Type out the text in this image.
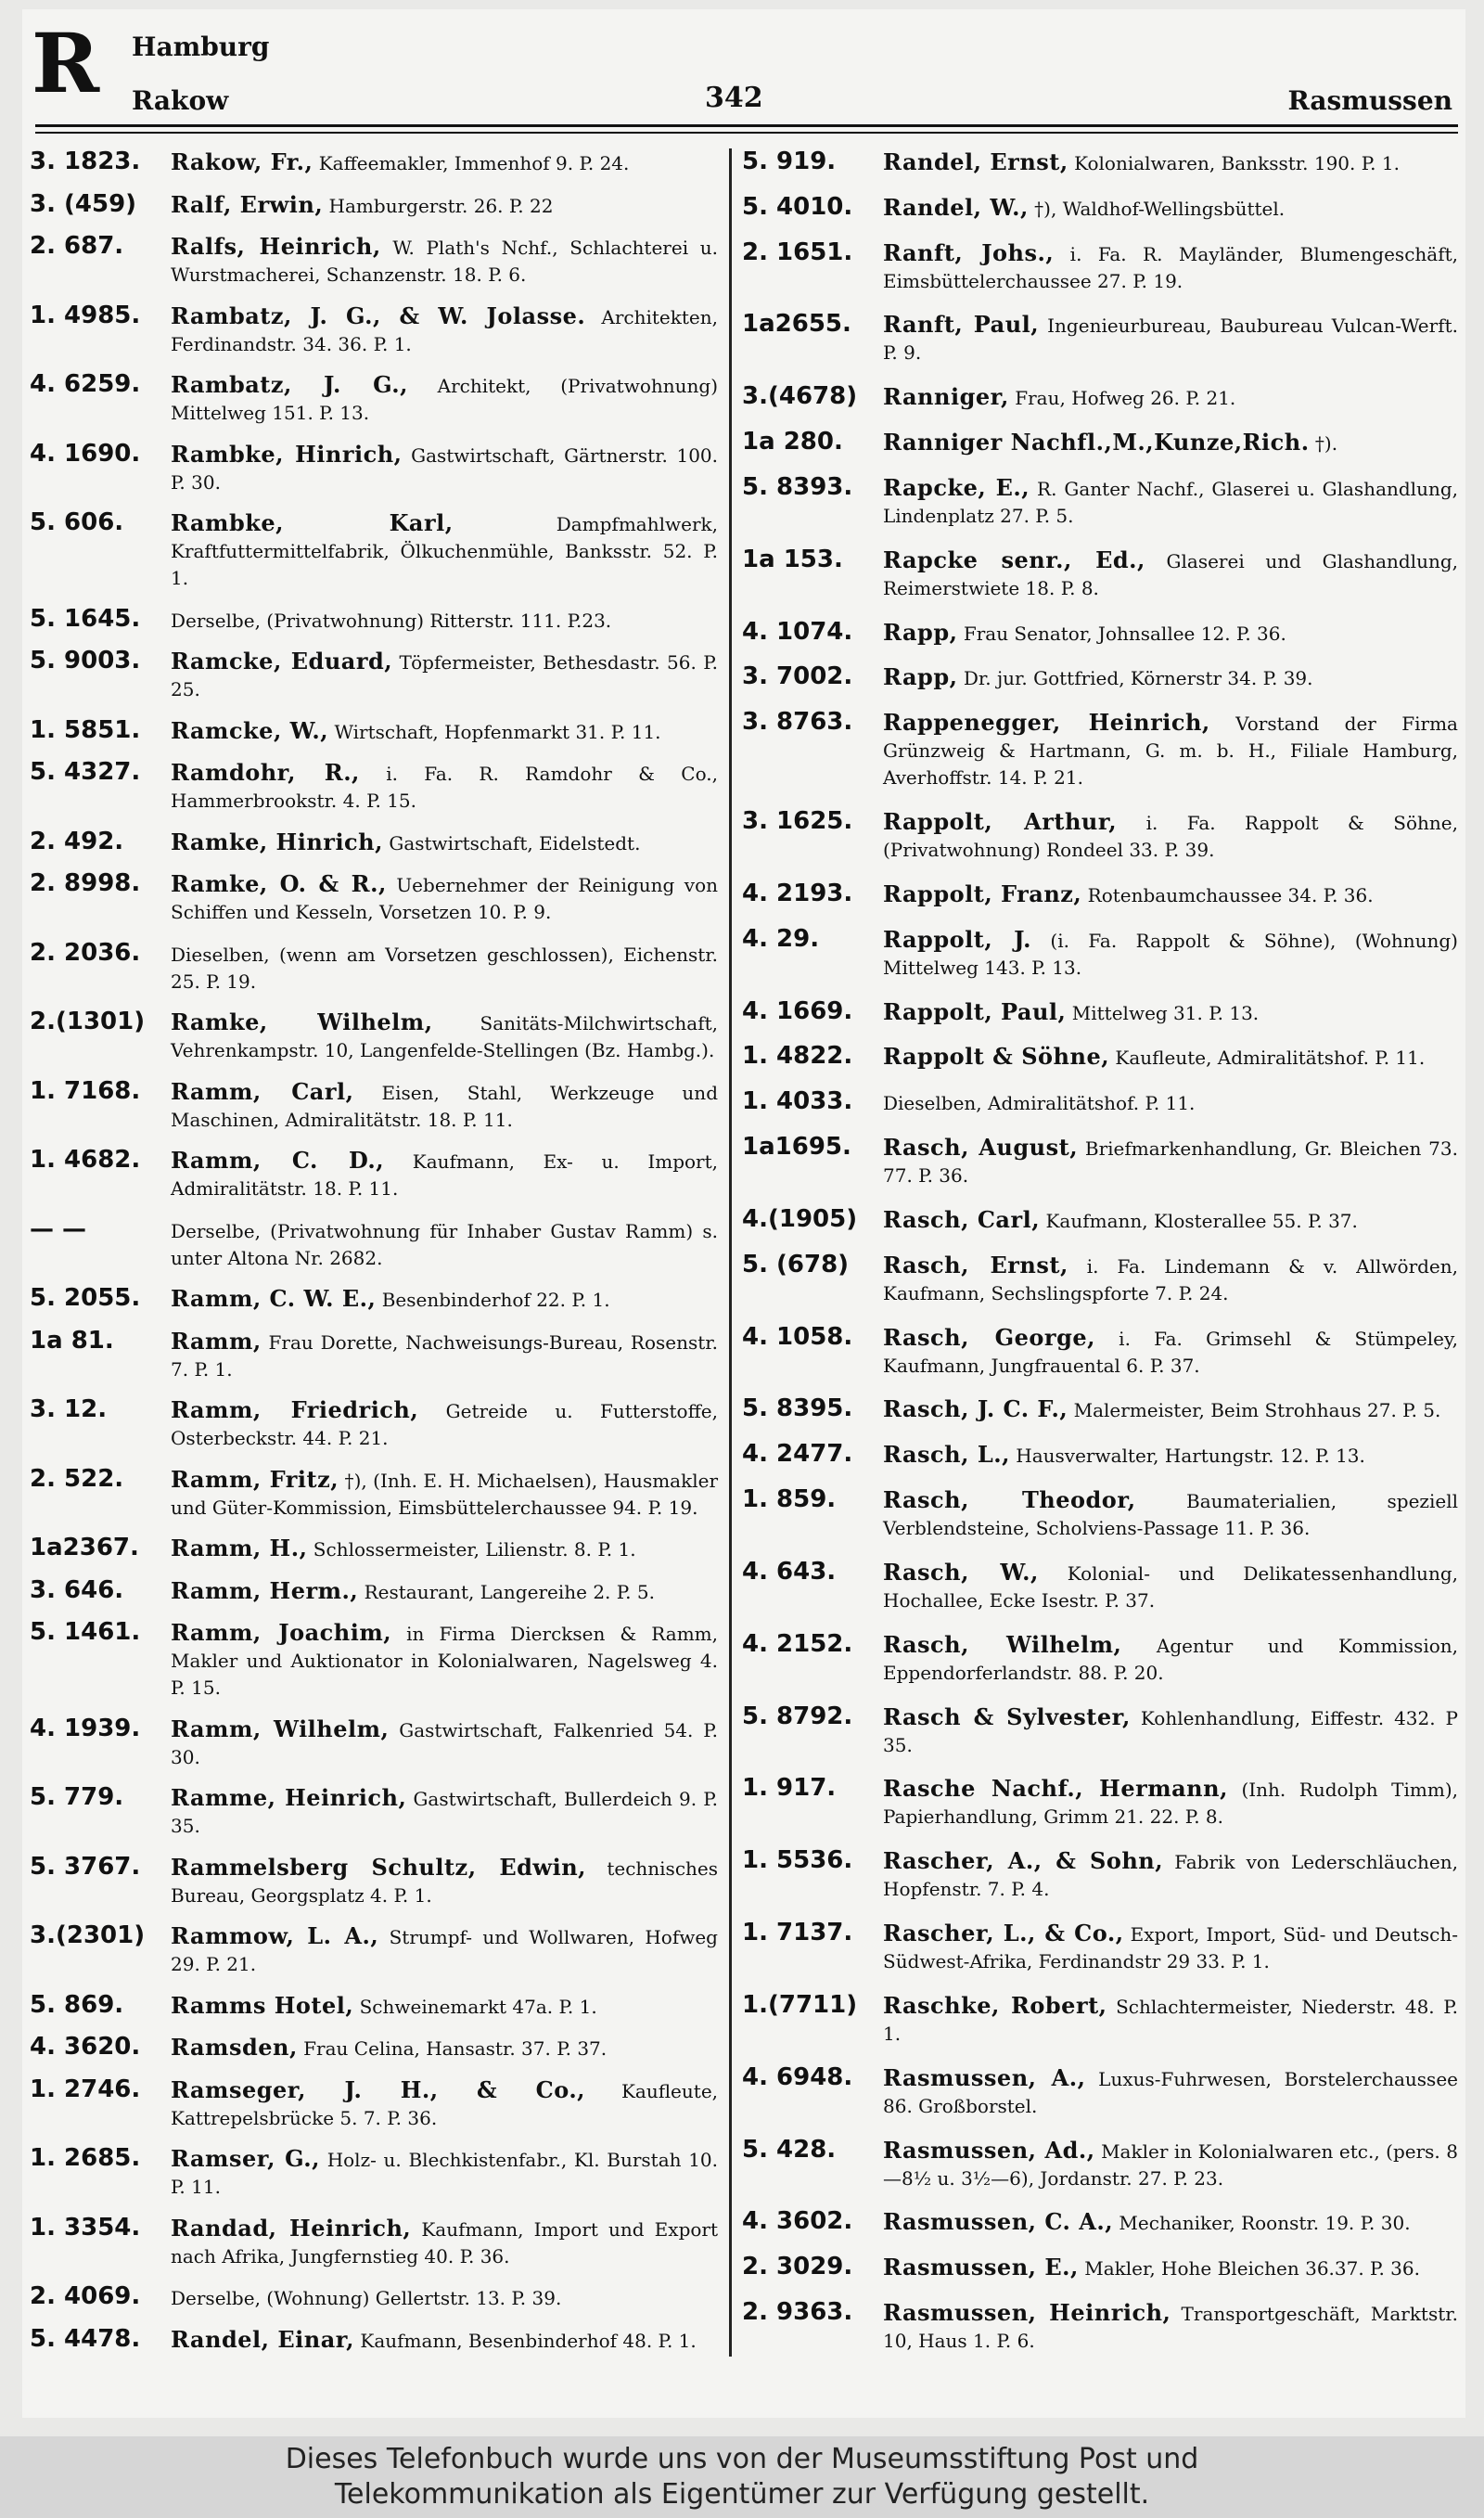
R Hamburg
Rakow	342	Rasmussen
3. 1823.	Rakow, Fr., Kaffeemakler, Immenhof 9. P. 24.
3. (459)	Ralf, Erwin, Hamburgerstr. 26. P. 22
2. 687.	Ralfs, Heinrich, W. Plath's Nchf., Schlachterei u. Wurstmacherei, Schanzenstr. 18. P. 6.
1. 4985.	Rambatz, J. G., & W. Jolasse. Architekten, Ferdinandstr. 34. 36. P. 1.
4. 6259.	Rambatz, J. G., Architekt, (Privatwohnung) Mittelweg 151. P. 13.
4. 1690.	Rambke, Hinrich, Gastwirtschaft, Gärtnerstr. 100. P. 30.
5. 606.	Rambke, Karl, Dampfmahlwerk, Kraftfuttermittelfabrik, Ölkuchenmühle, Banksstr. 52. P. 1.
5. 1645.	Derselbe, (Privatwohnung) Ritterstr. 111. P.23.
5. 9003.	Ramcke, Eduard, Töpfermeister, Bethesdastr. 56. P. 25.
1. 5851.	Ramcke, W., Wirtschaft, Hopfenmarkt 31. P. 11.
5. 4327.	Ramdohr, R., i. Fa. R. Ramdohr & Co., Hammerbrookstr. 4. P. 15.
2. 492.	Ramke, Hinrich, Gastwirtschaft, Eidelstedt.
2. 8998.	Ramke, O. & R., Uebernehmer der Reinigung von Schiffen und Kesseln, Vorsetzen 10. P. 9.
2. 2036.	Dieselben, (wenn am Vorsetzen geschlossen), Eichenstr. 25. P. 19.
2.(1301)	Ramke, Wilhelm, Sanitäts-Milchwirtschaft, Vehrenkampstr. 10, Langenfelde-Stellingen (Bz. Hambg.).
1. 7168.	Ramm, Carl, Eisen, Stahl, Werkzeuge und Maschinen, Admiralitätstr. 18. P. 11.
1. 4682.	Ramm, C. D., Kaufmann, Ex- u. Import, Admiralitätstr. 18. P. 11.
— —	Derselbe, (Privatwohnung für Inhaber Gustav Ramm) s. unter Altona Nr. 2682.
5. 2055.	Ramm, C. W. E., Besenbinderhof 22. P. 1.
1a 81.	Ramm, Frau Dorette, Nachweisungs-Bureau, Rosenstr. 7. P. 1.
3. 12.	Ramm, Friedrich, Getreide u. Futterstoffe, Osterbeckstr. 44. P. 21.
2. 522.	Ramm, Fritz, †), (Inh. E. H. Michaelsen), Hausmakler und Güter-Kommission, Eimsbüttelerchaussee 94. P. 19.
1a2367.	Ramm, H., Schlossermeister, Lilienstr. 8. P. 1.
3. 646.	Ramm, Herm., Restaurant, Langereihe 2. P. 5.
5. 1461.	Ramm, Joachim, in Firma Diercksen & Ramm, Makler und Auktionator in Kolonialwaren, Nagelsweg 4. P. 15.
4. 1939.	Ramm, Wilhelm, Gastwirtschaft, Falkenried 54. P. 30.
5. 779.	Ramme, Heinrich, Gastwirtschaft, Bullerdeich 9. P. 35.
5. 3767.	Rammelsberg Schultz, Edwin, technisches Bureau, Georgsplatz 4. P. 1.
3.(2301)	Rammow, L. A., Strumpf- und Wollwaren, Hofweg 29. P. 21.
5. 869.	Ramms Hotel, Schweinemarkt 47a. P. 1.
4. 3620.	Ramsden, Frau Celina, Hansastr. 37. P. 37.
1. 2746.	Ramseger, J. H., & Co., Kaufleute, Kattrepelsbrücke 5. 7. P. 36.
1. 2685.	Ramser, G., Holz- u. Blechkistenfabr., Kl. Burstah 10. P. 11.
1. 3354.	Randad, Heinrich, Kaufmann, Import und Export nach Afrika, Jungfernstieg 40. P. 36.
2. 4069.	Derselbe, (Wohnung) Gellertstr. 13. P. 39.
5. 4478.	Randel, Einar, Kaufmann, Besenbinderhof 48. P. 1.
5. 919.	Randel, Ernst, Kolonialwaren, Banksstr. 190. P. 1.
5. 4010.	Randel, W., †), Waldhof-Wellingsbüttel.
2. 1651.	Ranft, Johs., i. Fa. R. Mayländer, Blumengeschäft, Eimsbüttelerchaussee 27. P. 19.
1a2655.	Ranft, Paul, Ingenieurbureau, Baubureau Vulcan-Werft. P. 9.
3.(4678)	Ranniger, Frau, Hofweg 26. P. 21.
1a 280.	Ranniger Nachfl.,M.,Kunze,Rich. †).
5. 8393.	Rapcke, E., R. Ganter Nachf., Glaserei u. Glashandlung, Lindenplatz 27. P. 5.
1a 153.	Rapcke senr., Ed., Glaserei und Glashandlung, Reimerstwiete 18. P. 8.
4. 1074.	Rapp, Frau Senator, Johnsallee 12. P. 36.
3. 7002.	Rapp, Dr. jur. Gottfried, Körnerstr 34. P. 39.
3. 8763.	Rappenegger, Heinrich, Vorstand der Firma Grünzweig & Hartmann, G. m. b. H., Filiale Hamburg, Averhoffstr. 14. P. 21.
3. 1625.	Rappolt, Arthur, i. Fa. Rappolt & Söhne, (Privatwohnung) Rondeel 33. P. 39.
4. 2193.	Rappolt, Franz, Rotenbaumchaussee 34. P. 36.
4. 29.	Rappolt, J. (i. Fa. Rappolt & Söhne), (Wohnung) Mittelweg 143. P. 13.
4. 1669.	Rappolt, Paul, Mittelweg 31. P. 13.
1. 4822.	Rappolt & Söhne, Kaufleute, Admiralitätshof. P. 11.
1. 4033.	Dieselben, Admiralitätshof. P. 11.
1a1695.	Rasch, August, Briefmarkenhandlung, Gr. Bleichen 73. 77. P. 36.
4.(1905)	Rasch, Carl, Kaufmann, Klosterallee 55. P. 37.
5. (678)	Rasch, Ernst, i. Fa. Lindemann & v. Allwörden, Kaufmann, Sechslingspforte 7. P. 24.
4. 1058.	Rasch, George, i. Fa. Grimsehl & Stümpeley, Kaufmann, Jungfrauental 6. P. 37.
5. 8395.	Rasch, J. C. F., Malermeister, Beim Strohhaus 27. P. 5.
4. 2477.	Rasch, L., Hausverwalter, Hartungstr. 12. P. 13.
1. 859.	Rasch, Theodor, Baumaterialien, speziell Verblendsteine, Scholviens-Passage 11. P. 36.
4. 643.	Rasch, W., Kolonial- und Delikatessenhandlung, Hochallee, Ecke Isestr. P. 37.
4. 2152.	Rasch, Wilhelm, Agentur und Kommission, Eppendorferlandstr. 88. P. 20.
5. 8792.	Rasch & Sylvester, Kohlenhandlung, Eiffestr. 432. P 35.
1. 917.	Rasche Nachf., Hermann, (Inh. Rudolph Timm), Papierhandlung, Grimm 21. 22. P. 8.
1. 5536.	Rascher, A., & Sohn, Fabrik von Lederschläuchen, Hopfenstr. 7. P. 4.
1. 7137.	Rascher, L., & Co., Export, Import, Süd- und Deutsch-Südwest-Afrika, Ferdinandstr 29 33. P. 1.
1.(7711)	Raschke, Robert, Schlachtermeister, Niederstr. 48. P. 1.
4. 6948.	Rasmussen, A., Luxus-Fuhrwesen, Borstelerchaussee 86. Großborstel.
5. 428.	Rasmussen, Ad., Makler in Kolonialwaren etc., (pers. 8—8½ u. 3½—6), Jordanstr. 27. P. 23.
4. 3602.	Rasmussen, C. A., Mechaniker, Roonstr. 19. P. 30.
2. 3029.	Rasmussen, E., Makler, Hohe Bleichen 36.37. P. 36.
2. 9363.	Rasmussen, Heinrich, Transportgeschäft, Marktstr. 10, Haus 1. P. 6.
Dieses Telefonbuch wurde uns von der Museumsstiftung Post und
Telekommunikation als Eigentümer zur Verfügung gestellt.
